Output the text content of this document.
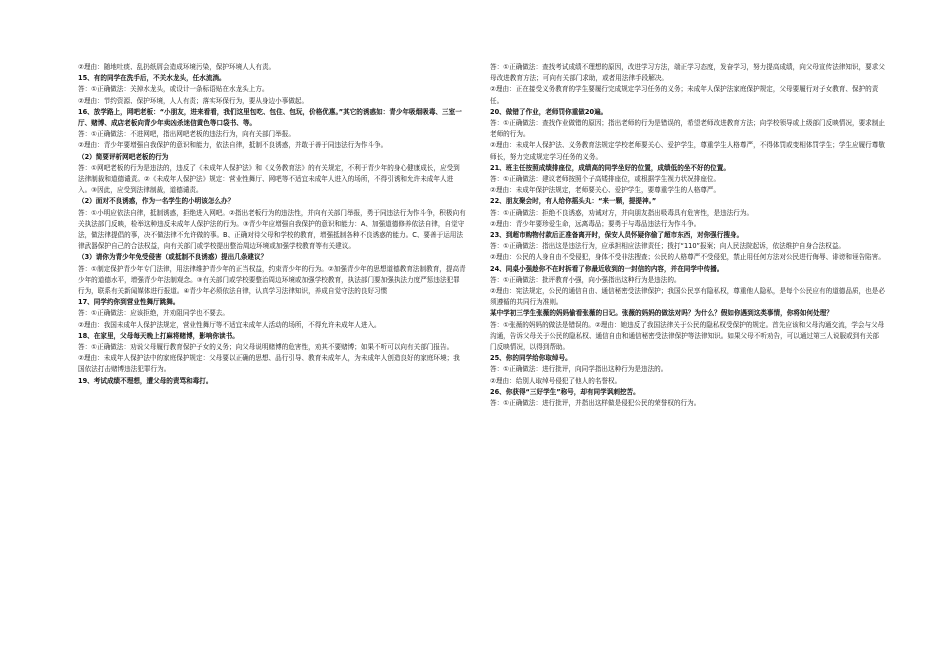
②理由：随地吐痰、乱扔纸屑会造成环境污染，保护环境人人有责。

15、有的同学在洗手后，不关水龙头，任水流淌。

答：①正确做法：关掉水龙头，或设计一条标语贴在水龙头上方。

②理由：节约资源、保护环境，人人有责；落实环保行为，要从身边小事做起。

16、放学路上，网吧老板：“小朋友，进来看看，我们这里包吃、包住、包玩，价格优惠。”其它的诱惑如：青少年吸烟吸毒、三室一厅、赌博、成店老板向青少年卖凶杀迷信黄色等口袋书、等。

答：①正确做法：不进网吧，指出网吧老板的违法行为，向有关部门举报。

②理由：青少年要增强自我保护的意识和能力，依法自律，抵制不良诱惑，并敢于善于同违法行为作斗争。

（2）简要评析网吧老板的行为

答：①网吧老板的行为是违法的，违反了《未成年人保护法》和《义务教育法》的有关规定，不利于青少年的身心健康成长，应受到法律制裁和道德谴责。②《未成年人保护法》规定：营业性舞厅、网吧等不适宜未成年人进入的场所，不得引诱和允许未成年人进入。③因此，应受到法律制裁，道德谴责。

（2）面对不良诱惑，作为一名学生的小明该怎么办？

答：①小明应依法自律，抵制诱惑，拒绝进入网吧。②指出老板行为的违法性，并向有关部门举报，勇于同违法行为作斗争，积极向有关执法部门反映，检举这种违反未成年人保护法的行为。③青少年应增强自我保护的意识和能力：A、加强道德修养依法自律，自觉守法，做法律提倡的事，决不做法律不允许做的事。B、正确对待父母和学校的教育，增强抵制各种不良诱惑的能力。C、要善于运用法律武器保护自己的合法权益，向有关部门或学校提出整治周边环境或加强学校教育等有关建议。

（3）请你为青少年免受侵害（或抵制不良诱惑）提出几条建议？

答：①制定保护青少年专门法律，用法律维护青少年的正当权益，约束青少年的行为。②加强青少年的思想道德教育法制教育，提高青少年的道德水平，增强青少年法制观念。③有关部门或学校要整治周边环境或加强学校教育，执法部门要加强执法力度严惩违法犯罪行为，联系有关新闻媒体进行报道。④青少年必须依法自律，认真学习法律知识，养成自觉守法的良好习惯

17、同学约你到营业性舞厅跳舞。

答：①正确做法：应该拒绝，并劝阻同学也不要去。

②理由：我国未成年人保护法规定，营业性舞厅等不适宜未成年人活动的场所，不得允许未成年人进入。

18、在家里，父母每天晚上打麻将赌博，影响你读书。

答：①正确做法：劝说父母履行教育保护子女的义务；向父母说明赌博的危害性，劝其不要赌博；如果不听可以向有关部门报告。

②理由：未成年人保护法中的家庭保护规定：父母要以正确的思想、品行引导、教育未成年人，为未成年人创造良好的家庭环境；我国依法打击赌博违法犯罪行为。

19、考试成绩不理想，遭父母的责骂和毒打。

答：①正确做法：查找考试成绩不理想的原因，改进学习方法，端正学习态度，发奋学习，努力提高成绩，向父母宣传法律知识，要求父母改进教育方法；可向有关部门求助，或者用法律手段解决。

②理由：正在接受义务教育的学生要履行完成规定学习任务的义务；未成年人保护法家庭保护规定，父母要履行对子女教育、保护的责任。

20、做错了作业，老师罚你重做20遍。

答：①正确做法：查找作业做错的原因；指出老师的行为是错误的，希望老师改进教育方法；向学校领导或上级部门反映情况，要求制止老师的行为。

②理由：未成年人保护法、义务教育法规定学校老师要关心、爱护学生，尊重学生人格尊严，不得体罚或变相体罚学生；学生应履行尊敬师长，努力完成规定学习任务的义务。

21、班主任按照成绩排座位，成绩高的同学坐好的位置，成绩低的坐不好的位置。

答：①正确做法：建议老师按照个子高矮排座位，或根据学生视力状况排座位。

②理由：未成年保护法规定，老师要关心、爱护学生，要尊重学生的人格尊严。

22、朋友聚会时，有人给你摇头丸：“来一颗，提提神。”

答：①正确做法：拒绝不良诱惑，劝诫对方，并向朋友指出吸毒具有危害性，是违法行为。

②理由：青少年要珍爱生命，远离毒品；要勇于与毒品违法行为作斗争。

23、到超市购物付款后正准备离开时，保安人员怀疑你偷了超市东西，对你强行搜身。

答：①正确做法：指出这是违法行为，应承担相应法律责任；拨打“110”报案；向人民法院起诉，依法维护自身合法权益。

②理由：公民的人身自由不受侵犯，身体不受非法搜查；公民的人格尊严不受侵犯，禁止用任何方法对公民进行侮辱、诽谤和诬告陷害。

24、同桌小强趁你不在时拆看了你最近收到的一封信的内容，并在同学中传播。

答：①正确做法：批评教育小强，向小强指出这种行为是违法的。

②理由：宪法规定，公民的通信自由、通信秘密受法律保护；我国公民享有隐私权，尊重他人隐私，是每个公民应有的道德品质，也是必须遵循的共同行为准则。

某中学初三学生张薇的妈妈偷看张薇的日记。张薇的妈妈的做法对吗？为什么？假如你遇到这类事情，你将如何处理？

答：①张薇的妈妈的做法是错误的。②理由：她违反了我国法律关于公民的隐私权受保护的规定。首先应该和父母沟通交流，学会与父母沟通，告诉父母关于公民的隐私权、通信自由和通信秘密受法律保护等法律知识。如果父母不听劝告，可以通过第三人说服或到有关部门反映情况，以得到帮助。

25、你的同学给你取绰号。

答：①正确做法：进行批评，向同学指出这种行为是违法的。

②理由：给别人取绰号侵犯了他人的名誉权。

26、你获得“三好学生”称号，却有同学讽刺挖苦。

答：①正确做法：进行批评，并指出这样做是侵犯公民的荣誉权的行为。
